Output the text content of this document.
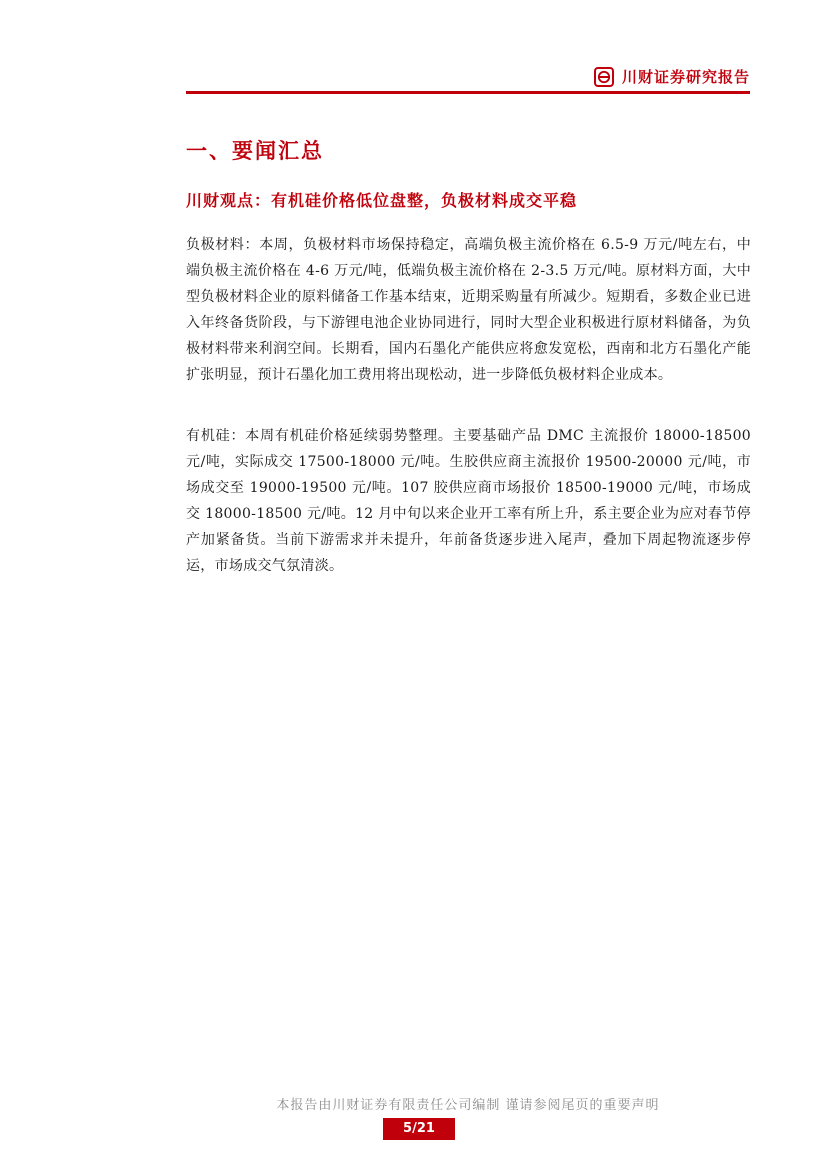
川财证券研究报告
一、要闻汇总
川财观点：有机硅价格低位盘整，负极材料成交平稳

负极材料：本周，负极材料市场保持稳定，高端负极主流价格在 6.5-9 万元/吨左右，中端负极主流价格在 4-6 万元/吨，低端负极主流价格在 2-3.5 万元/吨。原材料方面，大中型负极材料企业的原料储备工作基本结束，近期采购量有所减少。短期看，多数企业已进入年终备货阶段，与下游锂电池企业协同进行，同时大型企业积极进行原材料储备，为负极材料带来利润空间。长期看，国内石墨化产能供应将愈发宽松，西南和北方石墨化产能扩张明显，预计石墨化加工费用将出现松动，进一步降低负极材料企业成本。

有机硅：本周有机硅价格延续弱势整理。主要基础产品 DMC 主流报价 18000-18500 元/吨，实际成交 17500-18000 元/吨。生胶供应商主流报价 19500-20000 元/吨，市场成交至 19000-19500 元/吨。107 胶供应商市场报价 18500-19000 元/吨，市场成交 18000-18500 元/吨。12 月中旬以来企业开工率有所上升，系主要企业为应对春节停产加紧备货。当前下游需求并未提升，年前备货逐步进入尾声，叠加下周起物流逐步停运，市场成交气氛清淡。

本报告由川财证券有限责任公司编制 谨请参阅尾页的重要声明
5/21
